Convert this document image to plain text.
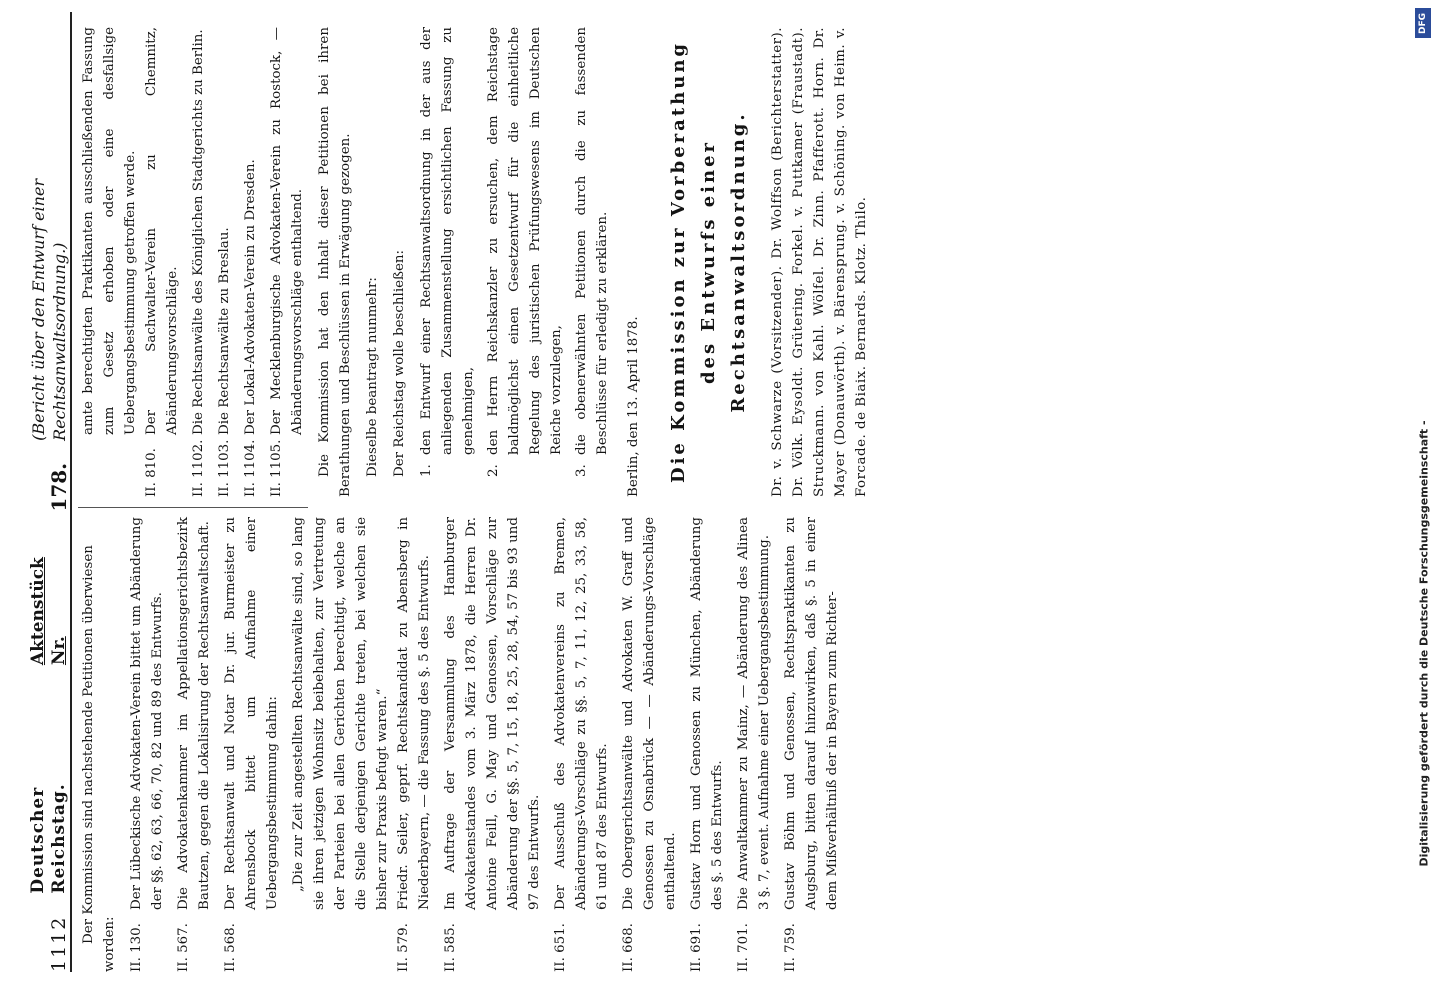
1112
Deutscher Reichstag.
Aktenstück Nr.
178.
(Bericht über den Entwurf einer Rechtsanwaltsordnung.)

Der Kommission sind nachstehende Petitionen überwiesen worden: II. 130.
Der Lübeckische Advokaten-Verein bittet um Abänderung der §§. 62, 63, 66, 70, 82 und 89 des Entwurfs.
II. 567.
Die Advokatenkammer im Appellationsgerichtsbezirk Bautzen, gegen die Lokalisirung der Rechtsanwaltschaft.
II. 568.
Der Rechtsanwalt und Notar Dr. jur. Burmeister zu Ahrensbock bittet um Aufnahme einer Uebergangsbestimmung dahin: „Die zur Zeit angestellten Rechtsanwälte sind, so lang sie ihren jetzigen Wohnsitz beibehalten, zur Vertretung der Parteien bei allen Gerichten berechtigt, welche an die Stelle derjenigen Gerichte treten, bei welchen sie bisher zur Praxis befugt waren.“

II. 579.
Friedr. Seiler, geprf. Rechtskandidat zu Abensberg in Niederbayern, — die Fassung des §. 5 des Entwurfs.
II. 585.
Im Auftrage der Versammlung des Hamburger Advokatenstandes vom 3. März 1878, die Herren Dr. Antoine Feill, G. May und Genossen, Vorschläge zur Abänderung der §§. 5, 7, 15, 18, 25, 28, 54, 57 bis 93 und 97 des Entwurfs.
II. 651.
Der Ausschuß des Advokatenvereins zu Bremen, Abänderungs-Vorschläge zu §§. 5, 7, 11, 12, 25, 33, 58, 61 und 87 des Entwurfs.
II. 668.
Die Obergerichtsanwälte und Advokaten W. Graff und Genossen zu Osnabrück — — Abänderungs-Vorschläge enthaltend.
II. 691.
Gustav Horn und Genossen zu München, Abänderung des §. 5 des Entwurfs.
II. 701.
Die Anwaltkammer zu Mainz, — Abänderung des Alinea 3 §. 7, event. Aufnahme einer Uebergangsbestimmung.
II. 759.
Gustav Böhm und Genossen, Rechtspraktikanten zu Augsburg, bitten darauf hinzuwirken, daß §. 5 in einer dem Mißverhältniß der in Bayern zum Richter-

amte berechtigten Praktikanten ausschließenden Fassung zum Gesetz erhoben oder eine desfallsige Uebergangsbestimmung getroffen werde.

II. 810.
Der Sachwalter-Verein zu Chemnitz, Abänderungsvorschläge.
II. 1102.
Die Rechtsanwälte des Königlichen Stadtgerichts zu Berlin.
II. 1103.
Die Rechtsanwälte zu Breslau.
II. 1104.
Der Lokal-Advokaten-Verein zu Dresden.
II. 1105.
Der Mecklenburgische Advokaten-Verein zu Rostock, — Abänderungsvorschläge enthaltend. Die Kommission hat den Inhalt dieser Petitionen bei ihren Berathungen und Beschlüssen in Erwägung gezogen. Dieselbe beantragt nunmehr: Der Reichstag wolle beschließen: 1.
den Entwurf einer Rechtsanwaltsordnung in der aus der anliegenden Zusammenstellung ersichtlichen Fassung zu genehmigen,
2.
den Herrn Reichskanzler zu ersuchen, dem Reichstage baldmöglichst einen Gesetzentwurf für die einheitliche Regelung des juristischen Prüfungswesens im Deutschen Reiche vorzulegen,
3.
die obenerwähnten Petitionen durch die zu fassenden Beschlüsse für erledigt zu erklären. Berlin, den 13. April 1878. Die Kommission zur Vorberathung des Entwurfs einer Rechtsanwaltsordnung.	Dr. v. Schwarze (Vorsitzender). Dr. Wolffson (Berichterstatter). Dr. Völk. Eysoldt. Grütering. Forkel. v. Puttkamer (Fraustadt). Struckmann. von Kahl. Wölfel. Dr. Zinn. Pfafferott. Horn. Dr. Mayer (Donauwörth). v. Bärensprung. v. Schöning. von Heim. v. Forcade. de Biaix. Bernards. Klotz. Thilo.

DFG
Digitalisierung gefördert durch die Deutsche Forschungsgemeinschaft -
